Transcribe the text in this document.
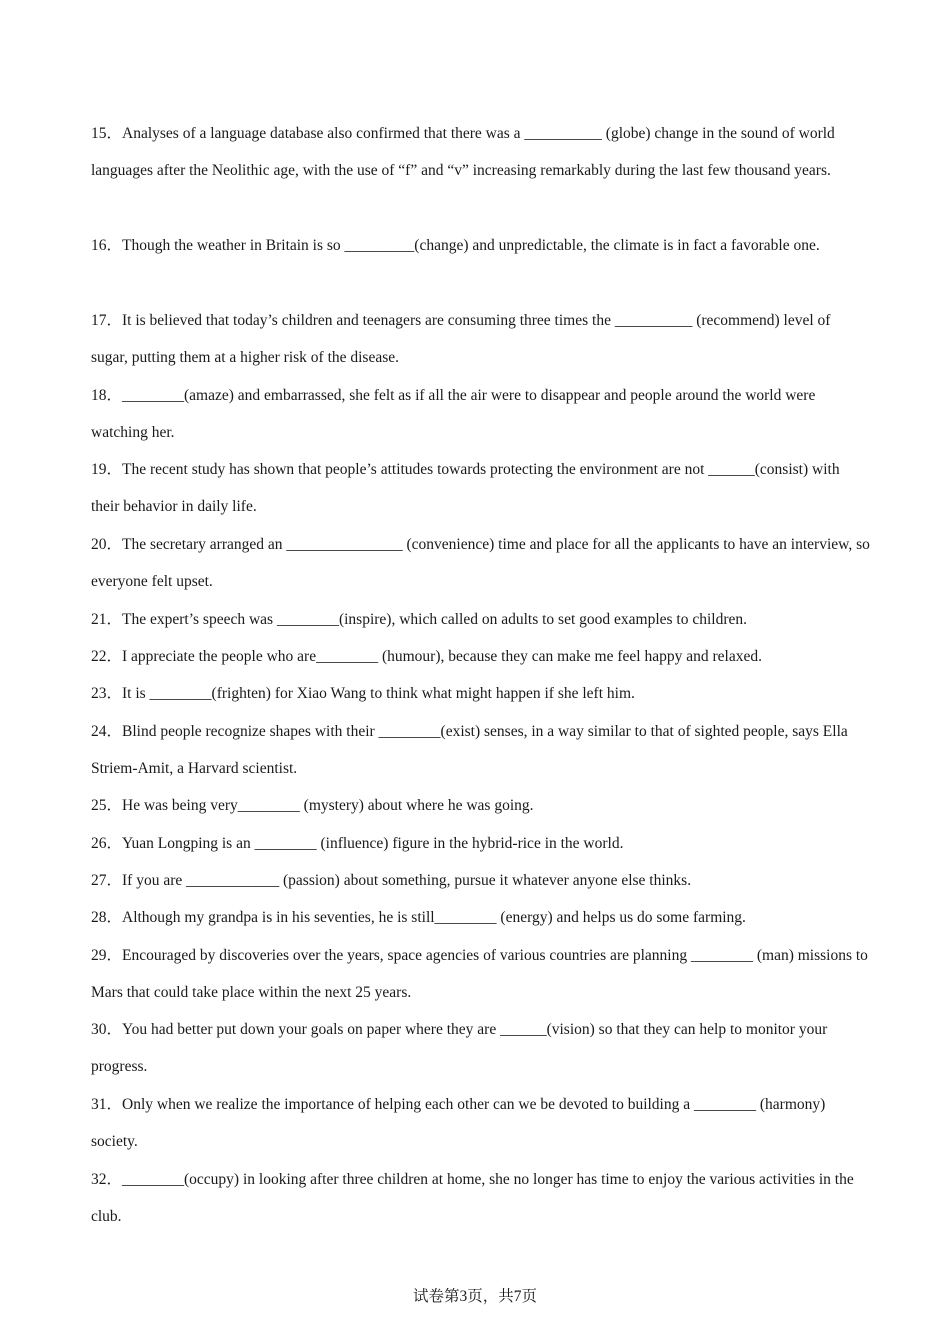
15．Analyses of a language database also confirmed that there was a __________ (globe) change in the sound of world languages after the Neolithic age, with the use of “f” and “v” increasing remarkably during the last few thousand years.

16．Though the weather in Britain is so _________(change) and unpredictable, the climate is in fact a favorable one.

17．It is believed that today’s children and teenagers are consuming three times the __________ (recommend) level of sugar, putting them at a higher risk of the disease.

18．________(amaze) and embarrassed, she felt as if all the air were to disappear and people around the world were watching her.

19．The recent study has shown that people’s attitudes towards protecting the environment are not ______(consist) with their behavior in daily life.

20．The secretary arranged an _______________ (convenience) time and place for all the applicants to have an interview, so everyone felt upset.

21．The expert’s speech was ________(inspire), which called on adults to set good examples to children.

22．I appreciate the people who are________ (humour), because they can make me feel happy and relaxed.

23．It is ________(frighten) for Xiao Wang to think what might happen if she left him.

24．Blind people recognize shapes with their ________(exist) senses, in a way similar to that of sighted people, says Ella Striem-Amit, a Harvard scientist.

25．He was being very________ (mystery) about where he was going.

26．Yuan Longping is an ________ (influence) figure in the hybrid-rice in the world.

27．If you are ____________ (passion) about something, pursue it whatever anyone else thinks.

28．Although my grandpa is in his seventies, he is still________ (energy) and helps us do some farming.

29．Encouraged by discoveries over the years, space agencies of various countries are planning ________ (man) missions to Mars that could take place within the next 25 years.

30．You had better put down your goals on paper where they are ______(vision) so that they can help to monitor your progress.

31．Only when we realize the importance of helping each other can we be devoted to building a ________ (harmony) society.

32．________(occupy) in looking after three children at home, she no longer has time to enjoy the various activities in the club.

试卷第3页，共7页
